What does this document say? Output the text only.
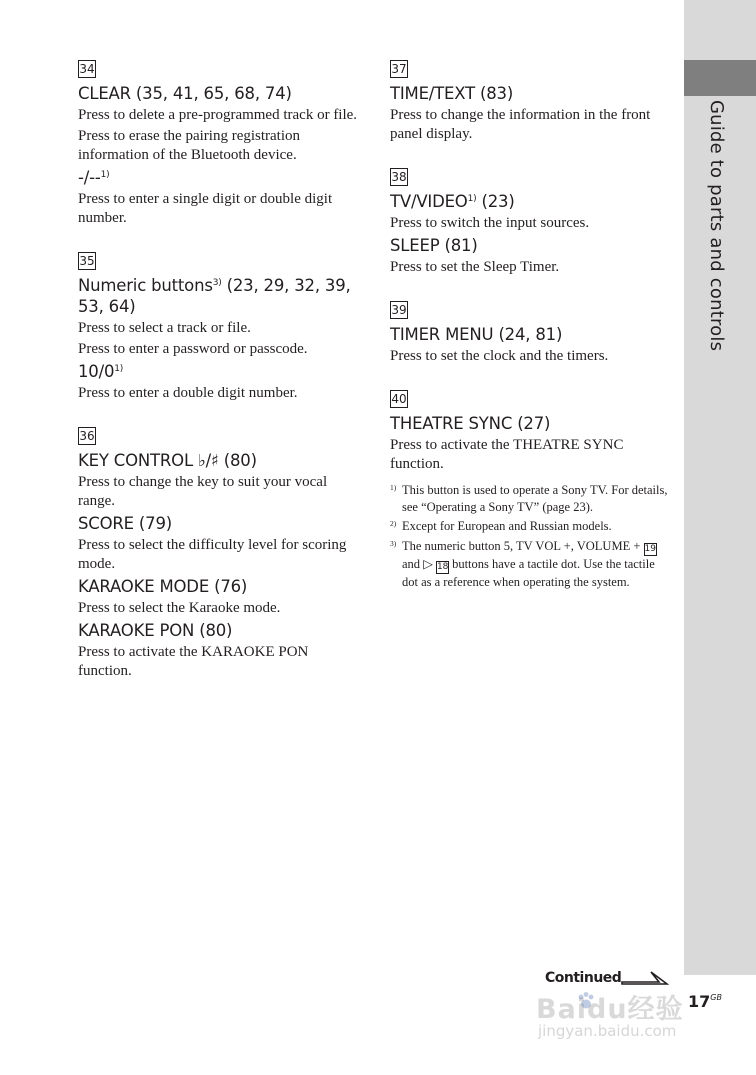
34
CLEAR (35, 41, 65, 68, 74)
Press to delete a pre-programmed track or file.
Press to erase the pairing registration information of the Bluetooth device.
-/--$^{1)}$
Press to enter a single digit or double digit number.
35
Numeric buttons$^{3)}$ (23, 29, 32, 39, 53, 64)
Press to select a track or file.
Press to enter a password or passcode.
10/0$^{1)}$
Press to enter a double digit number.
36
KEY CONTROL ♭/♯ (80)
Press to change the key to suit your vocal range.
SCORE (79)
Press to select the difficulty level for scoring mode.
KARAOKE MODE (76)
Press to select the Karaoke mode.
KARAOKE PON (80)
Press to activate the KARAOKE PON function.
37
TIME/TEXT (83)
Press to change the information in the front panel display.
38
TV/VIDEO$^{1)}$ (23)
Press to switch the input sources.
SLEEP (81)
Press to set the Sleep Timer.
39
TIMER MENU (24, 81)
Press to set the clock and the timers.
40
THEATRE SYNC (27)
Press to activate the THEATRE SYNC function.
1) This button is used to operate a Sony TV. For details, see “Operating a Sony TV” (page 23).
2) Except for European and Russian models.
3) The numeric button 5, TV VOL +, VOLUME + 19 and ▷ 18 buttons have a tactile dot. Use the tactile dot as a reference when operating the system.
Guide to parts and controls
Continued
$17^{GB}$
Baidu经验
jingyan.baidu.com
